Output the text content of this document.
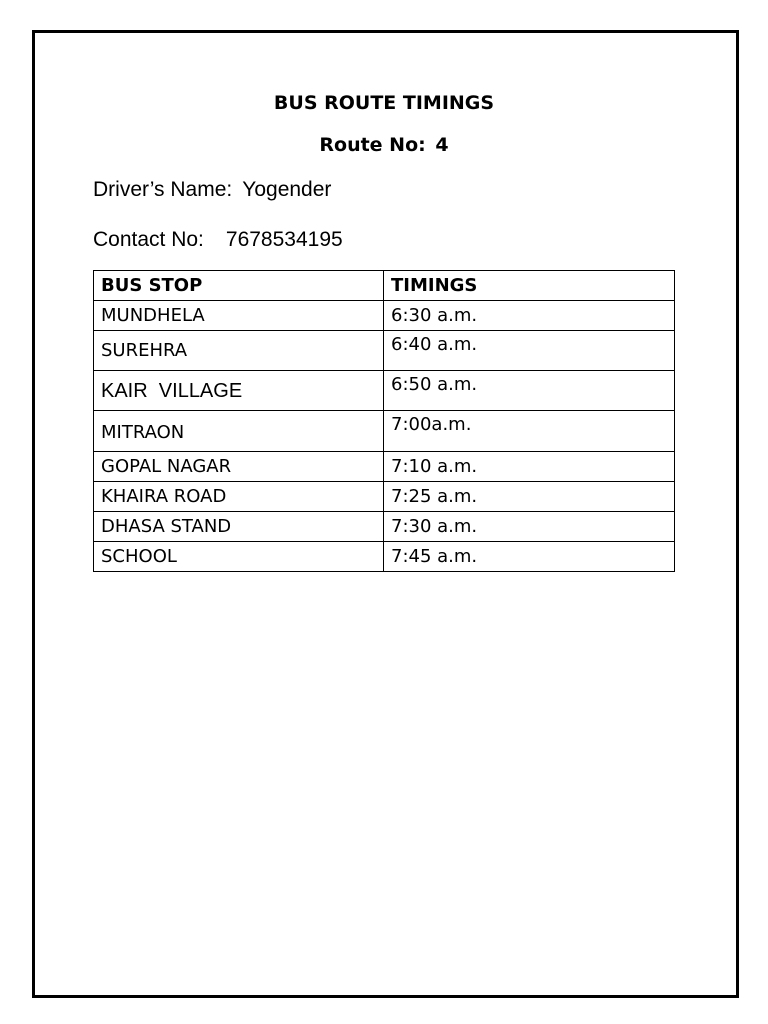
BUS ROUTE TIMINGS
Route No: 4
Driver’s Name: Yogender
Contact No: 7678534195
BUS STOP	TIMINGS
MUNDHELA	6:30 a.m.
SUREHRA	6:40 a.m.
KAIR  VILLAGE	6:50 a.m.
MITRAON	7:00a.m.
GOPAL NAGAR	7:10 a.m.
KHAIRA ROAD	7:25 a.m.
DHASA STAND	7:30 a.m.
SCHOOL	7:45 a.m.
